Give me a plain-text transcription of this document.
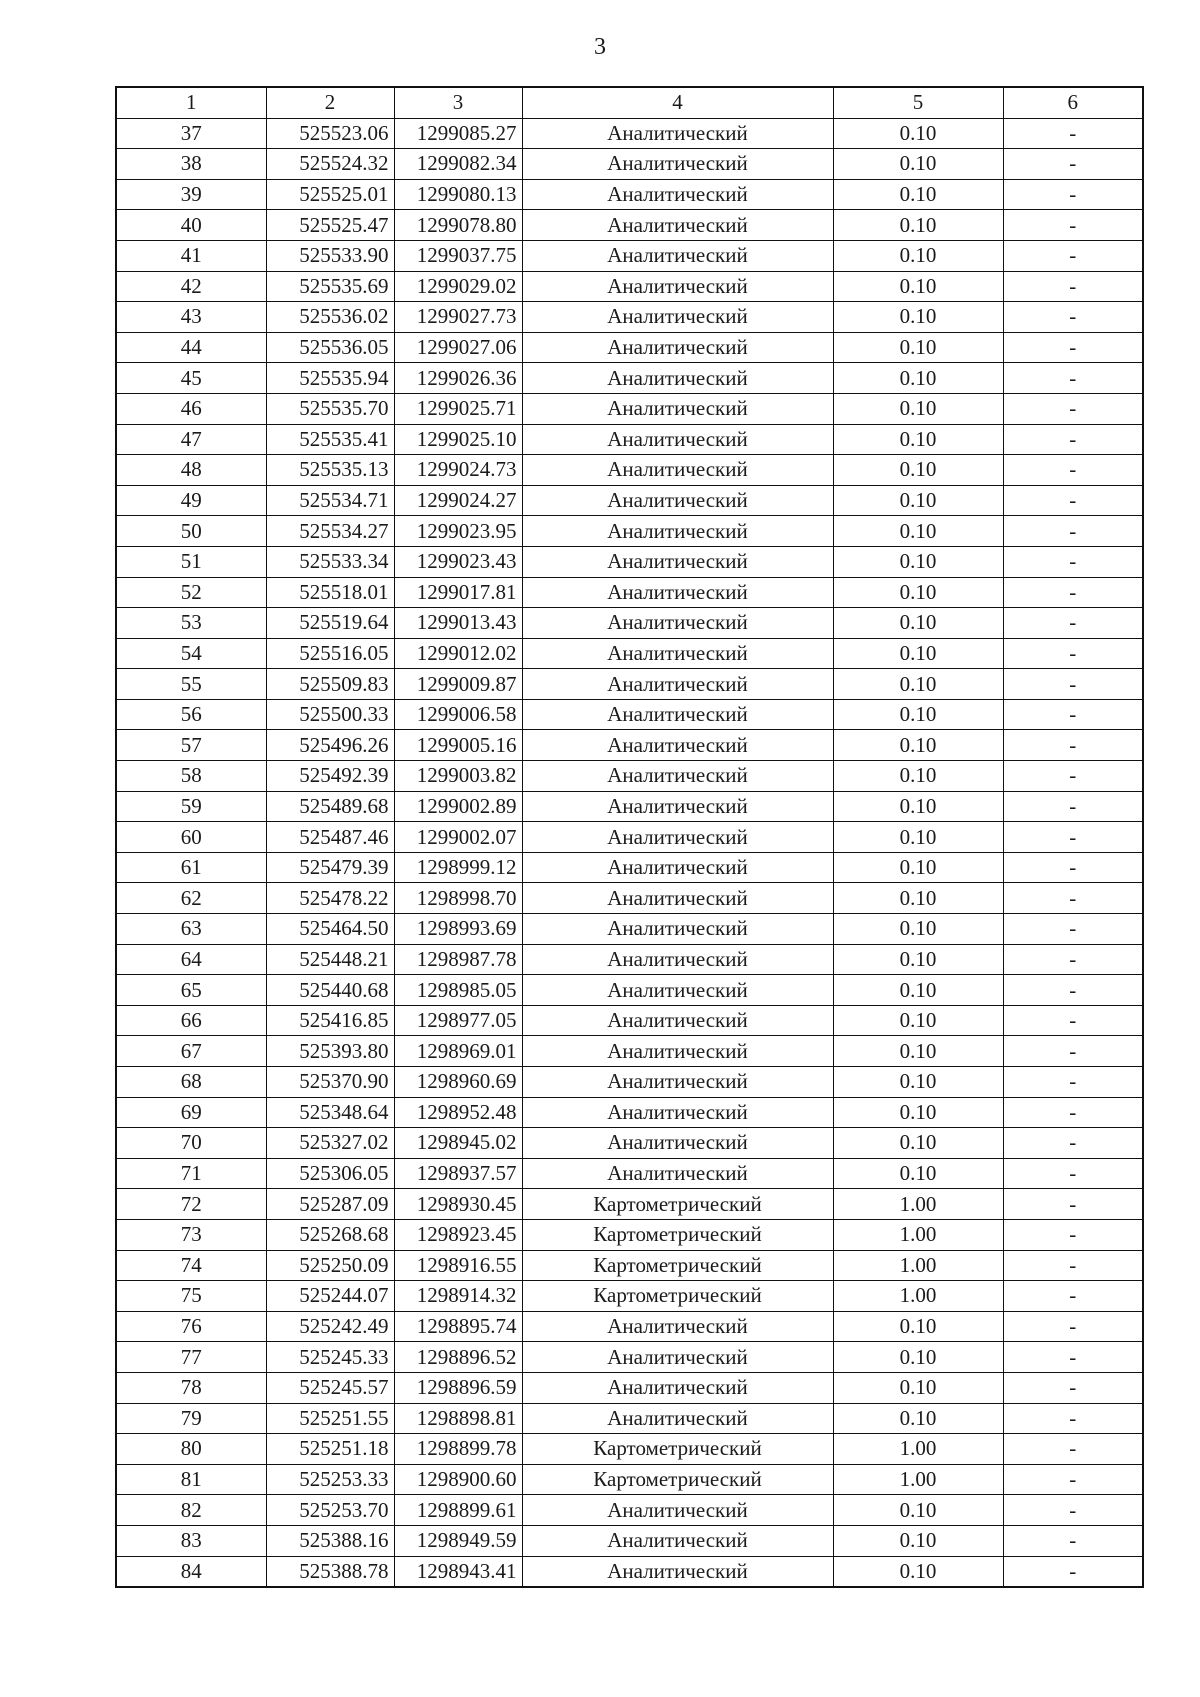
3
1	2	3	4	5	6
37	525523.06	1299085.27	Аналитический	0.10	-
38	525524.32	1299082.34	Аналитический	0.10	-
39	525525.01	1299080.13	Аналитический	0.10	-
40	525525.47	1299078.80	Аналитический	0.10	-
41	525533.90	1299037.75	Аналитический	0.10	-
42	525535.69	1299029.02	Аналитический	0.10	-
43	525536.02	1299027.73	Аналитический	0.10	-
44	525536.05	1299027.06	Аналитический	0.10	-
45	525535.94	1299026.36	Аналитический	0.10	-
46	525535.70	1299025.71	Аналитический	0.10	-
47	525535.41	1299025.10	Аналитический	0.10	-
48	525535.13	1299024.73	Аналитический	0.10	-
49	525534.71	1299024.27	Аналитический	0.10	-
50	525534.27	1299023.95	Аналитический	0.10	-
51	525533.34	1299023.43	Аналитический	0.10	-
52	525518.01	1299017.81	Аналитический	0.10	-
53	525519.64	1299013.43	Аналитический	0.10	-
54	525516.05	1299012.02	Аналитический	0.10	-
55	525509.83	1299009.87	Аналитический	0.10	-
56	525500.33	1299006.58	Аналитический	0.10	-
57	525496.26	1299005.16	Аналитический	0.10	-
58	525492.39	1299003.82	Аналитический	0.10	-
59	525489.68	1299002.89	Аналитический	0.10	-
60	525487.46	1299002.07	Аналитический	0.10	-
61	525479.39	1298999.12	Аналитический	0.10	-
62	525478.22	1298998.70	Аналитический	0.10	-
63	525464.50	1298993.69	Аналитический	0.10	-
64	525448.21	1298987.78	Аналитический	0.10	-
65	525440.68	1298985.05	Аналитический	0.10	-
66	525416.85	1298977.05	Аналитический	0.10	-
67	525393.80	1298969.01	Аналитический	0.10	-
68	525370.90	1298960.69	Аналитический	0.10	-
69	525348.64	1298952.48	Аналитический	0.10	-
70	525327.02	1298945.02	Аналитический	0.10	-
71	525306.05	1298937.57	Аналитический	0.10	-
72	525287.09	1298930.45	Картометрический	1.00	-
73	525268.68	1298923.45	Картометрический	1.00	-
74	525250.09	1298916.55	Картометрический	1.00	-
75	525244.07	1298914.32	Картометрический	1.00	-
76	525242.49	1298895.74	Аналитический	0.10	-
77	525245.33	1298896.52	Аналитический	0.10	-
78	525245.57	1298896.59	Аналитический	0.10	-
79	525251.55	1298898.81	Аналитический	0.10	-
80	525251.18	1298899.78	Картометрический	1.00	-
81	525253.33	1298900.60	Картометрический	1.00	-
82	525253.70	1298899.61	Аналитический	0.10	-
83	525388.16	1298949.59	Аналитический	0.10	-
84	525388.78	1298943.41	Аналитический	0.10	-
